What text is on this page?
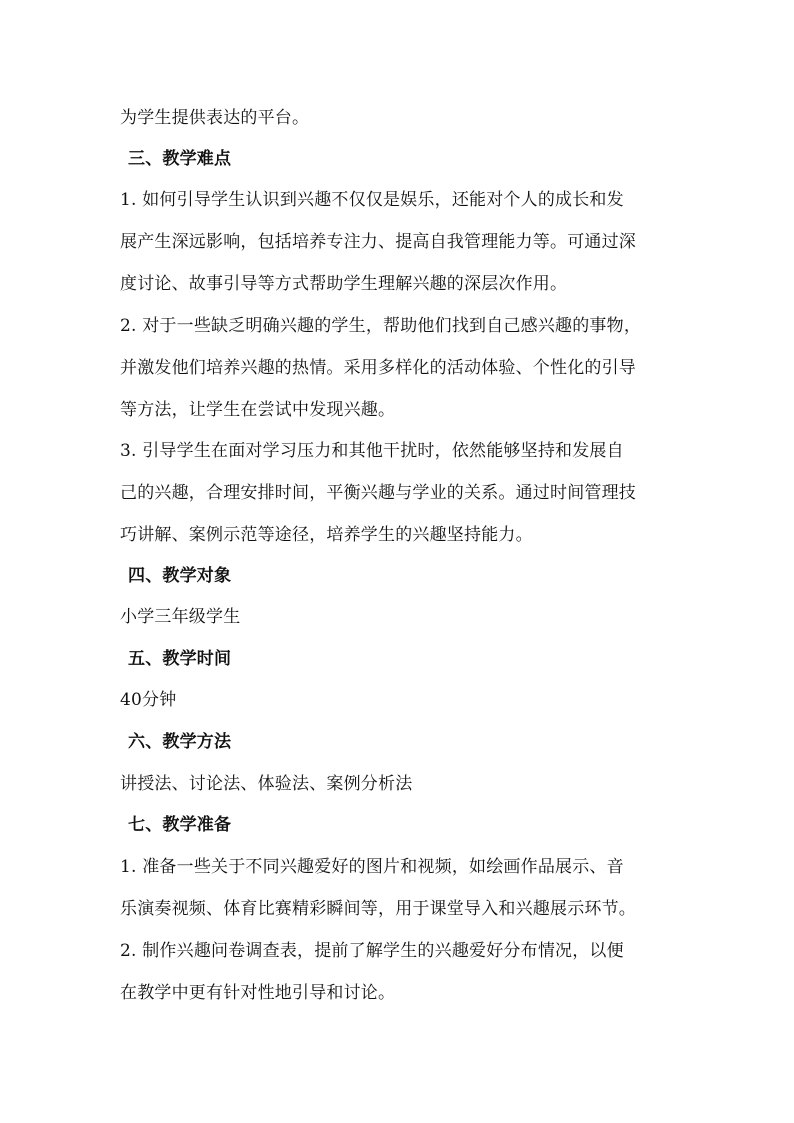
为学生提供表达的平台。
三、教学难点
1. 如何引导学生认识到兴趣不仅仅是娱乐，还能对个人的成长和发
展产生深远影响，包括培养专注力、提高自我管理能力等。可通过深
度讨论、故事引导等方式帮助学生理解兴趣的深层次作用。
2. 对于一些缺乏明确兴趣的学生，帮助他们找到自己感兴趣的事物，
并激发他们培养兴趣的热情。采用多样化的活动体验、个性化的引导
等方法，让学生在尝试中发现兴趣。
3. 引导学生在面对学习压力和其他干扰时，依然能够坚持和发展自
己的兴趣，合理安排时间，平衡兴趣与学业的关系。通过时间管理技
巧讲解、案例示范等途径，培养学生的兴趣坚持能力。
四、教学对象
小学三年级学生
五、教学时间
40分钟
六、教学方法
讲授法、讨论法、体验法、案例分析法
七、教学准备
1. 准备一些关于不同兴趣爱好的图片和视频，如绘画作品展示、音
乐演奏视频、体育比赛精彩瞬间等，用于课堂导入和兴趣展示环节。
2. 制作兴趣问卷调查表，提前了解学生的兴趣爱好分布情况，以便
在教学中更有针对性地引导和讨论。
